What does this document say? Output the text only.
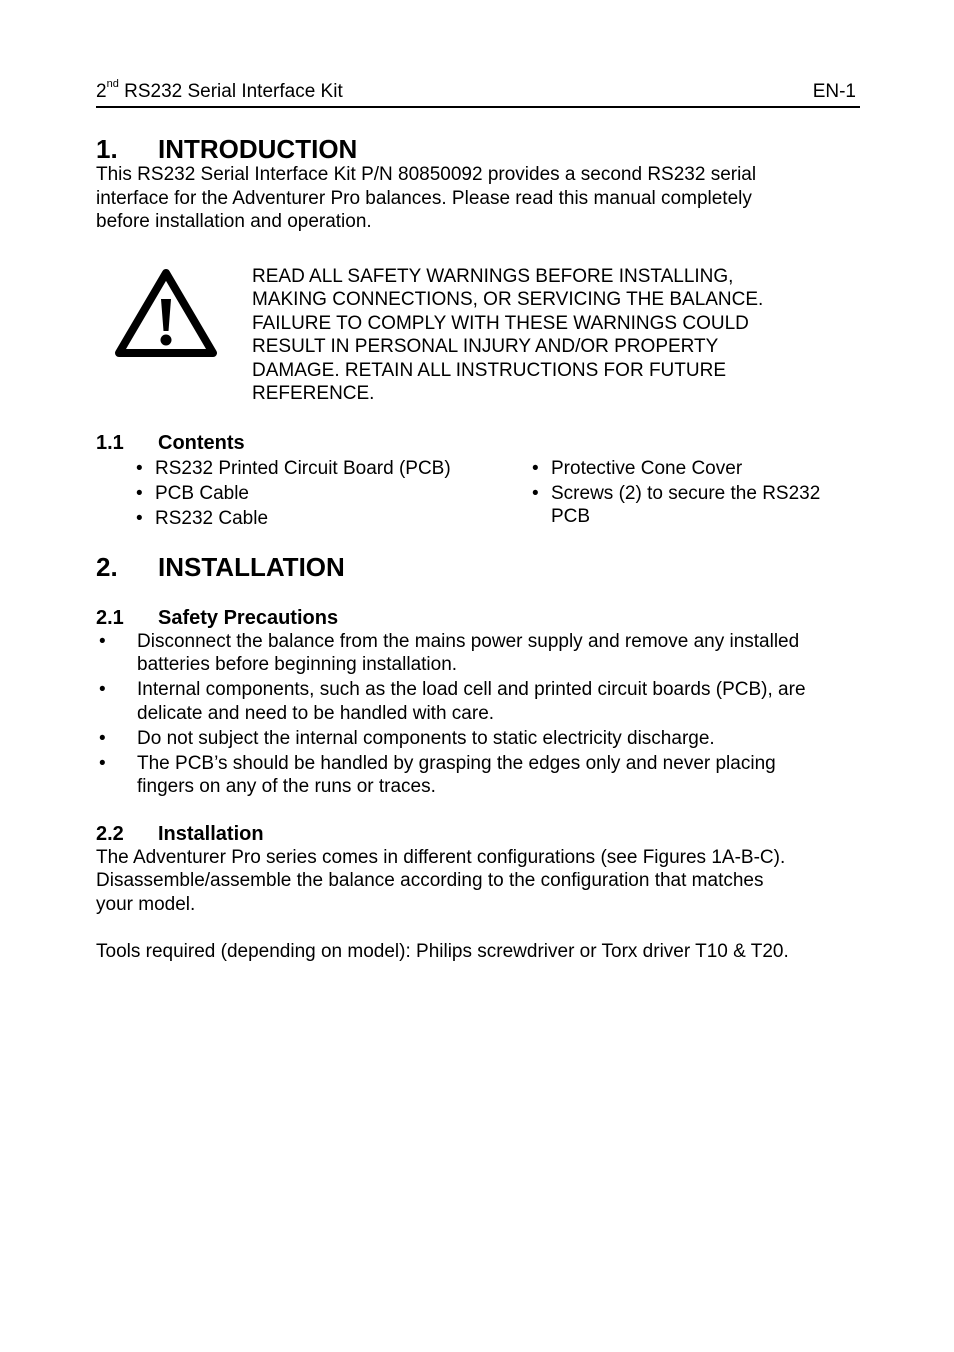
2nd RS232 Serial Interface Kit	EN-1
1.	INTRODUCTION

This RS232 Serial Interface Kit P/N 80850092 provides a second RS232 serial

interface for the Adventurer Pro balances. Please read this manual completely

before installation and operation.

READ ALL SAFETY WARNINGS BEFORE INSTALLING,
MAKING CONNECTIONS, OR SERVICING THE BALANCE.
FAILURE TO COMPLY WITH THESE WARNINGS COULD
RESULT IN PERSONAL INJURY AND/OR PROPERTY
DAMAGE. RETAIN ALL INSTRUCTIONS FOR FUTURE
REFERENCE.
1.1	Contents
• RS232 Printed Circuit Board (PCB)
• PCB Cable
• RS232 Cable
• Protective Cone Cover
• Screws (2) to secure the RS232
PCB
2.	INSTALLATION
2.1	Safety Precautions
•	Disconnect the balance from the mains power supply and remove any installed
batteries before beginning installation.
•	Internal components, such as the load cell and printed circuit boards (PCB), are
delicate and need to be handled with care.
•	Do not subject the internal components to static electricity discharge.
•	The PCB’s should be handled by grasping the edges only and never placing
fingers on any of the runs or traces.
2.2	Installation

The Adventurer Pro series comes in different configurations (see Figures 1A-B-C).

Disassemble/assemble the balance according to the configuration that matches

your model.

Tools required (depending on model): Philips screwdriver or Torx driver T10 & T20.
